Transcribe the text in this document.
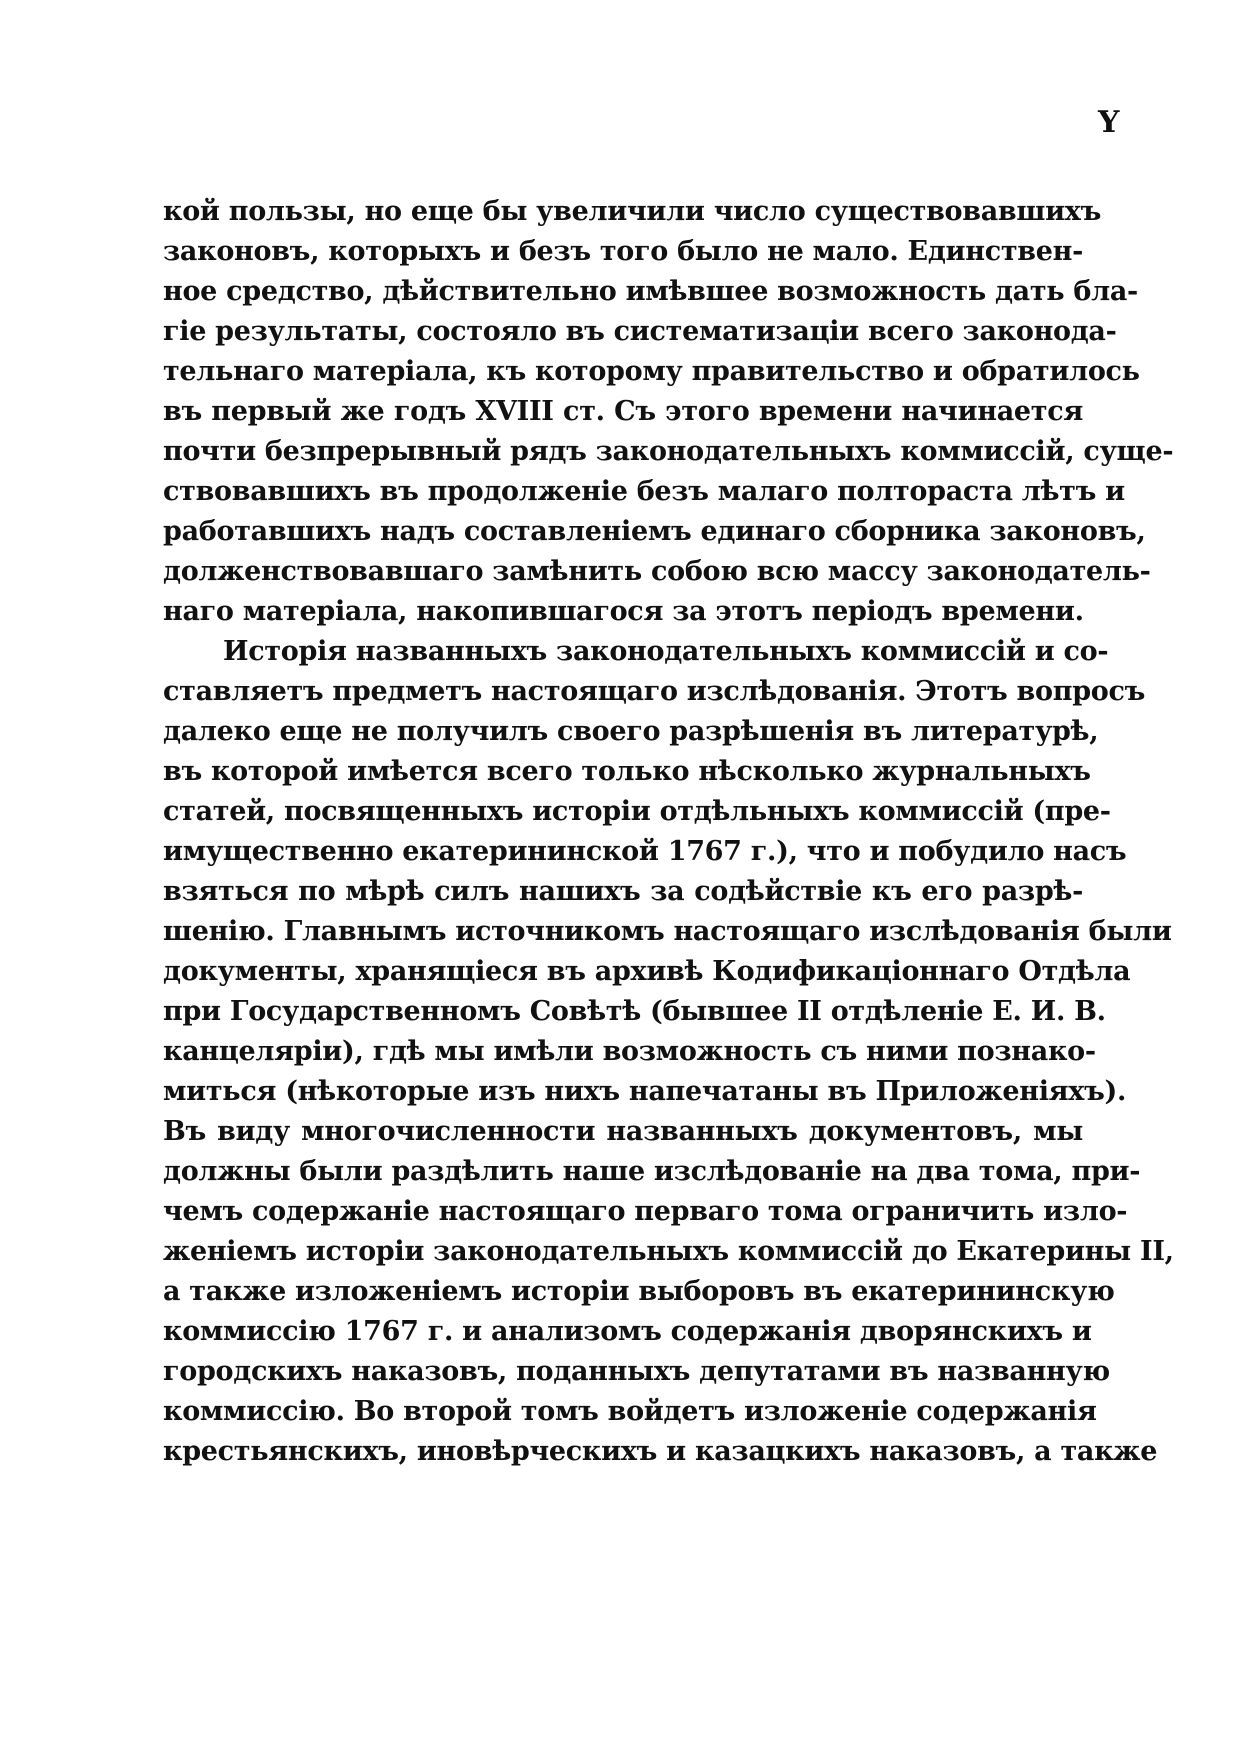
Y
кой пользы, но еще бы увеличили число существовавшихъ
законовъ, которыхъ и безъ того было не мало. Единствен-
ное средство, дѣйствительно имѣвшее возможность дать бла-
гіе результаты, состояло въ систематизаціи всего законода-
тельнаго матеріала, къ которому правительство и обратилось
въ первый же годъ XVIII ст. Съ этого времени начинается
почти безпрерывный рядъ законодательныхъ коммиссій, суще-
ствовавшихъ въ продолженіе безъ малаго полтораста лѣтъ и
работавшихъ надъ составленіемъ единаго сборника законовъ,
долженствовавшаго замѣнить собою всю массу законодатель-
наго матеріала, накопившагося за этотъ періодъ времени.
Исторія названныхъ законодательныхъ коммиссій и со-
ставляетъ предметъ настоящаго изслѣдованія. Этотъ вопросъ
далеко еще не получилъ своего разрѣшенія въ литературѣ,
въ которой имѣется всего только нѣсколько журнальныхъ
статей, посвященныхъ исторіи отдѣльныхъ коммиссій (пре-
имущественно екатерининской 1767 г.), что и побудило насъ
взяться по мѣрѣ силъ нашихъ за содѣйствіе къ его разрѣ-
шенію. Главнымъ источникомъ настоящаго изслѣдованія были
документы, хранящіеся въ архивѣ Кодификаціоннаго Отдѣла
при Государственномъ Совѣтѣ (бывшее II отдѣленіе Е. И. В.
канцеляріи), гдѣ мы имѣли возможность съ ними познако-
миться (нѣкоторые изъ нихъ напечатаны въ Приложеніяхъ).
Въ виду многочисленности названныхъ документовъ, мы
должны были раздѣлить наше изслѣдованіе на два тома, при-
чемъ содержаніе настоящаго перваго тома ограничить изло-
женіемъ исторіи законодательныхъ коммиссій до Екатерины II,
а также изложеніемъ исторіи выборовъ въ екатерининскую
коммиссію 1767 г. и анализомъ содержанія дворянскихъ и
городскихъ наказовъ, поданныхъ депутатами въ названную
коммиссію. Во второй томъ войдетъ изложеніе содержанія
крестьянскихъ, иновѣрческихъ и казацкихъ наказовъ, а также
